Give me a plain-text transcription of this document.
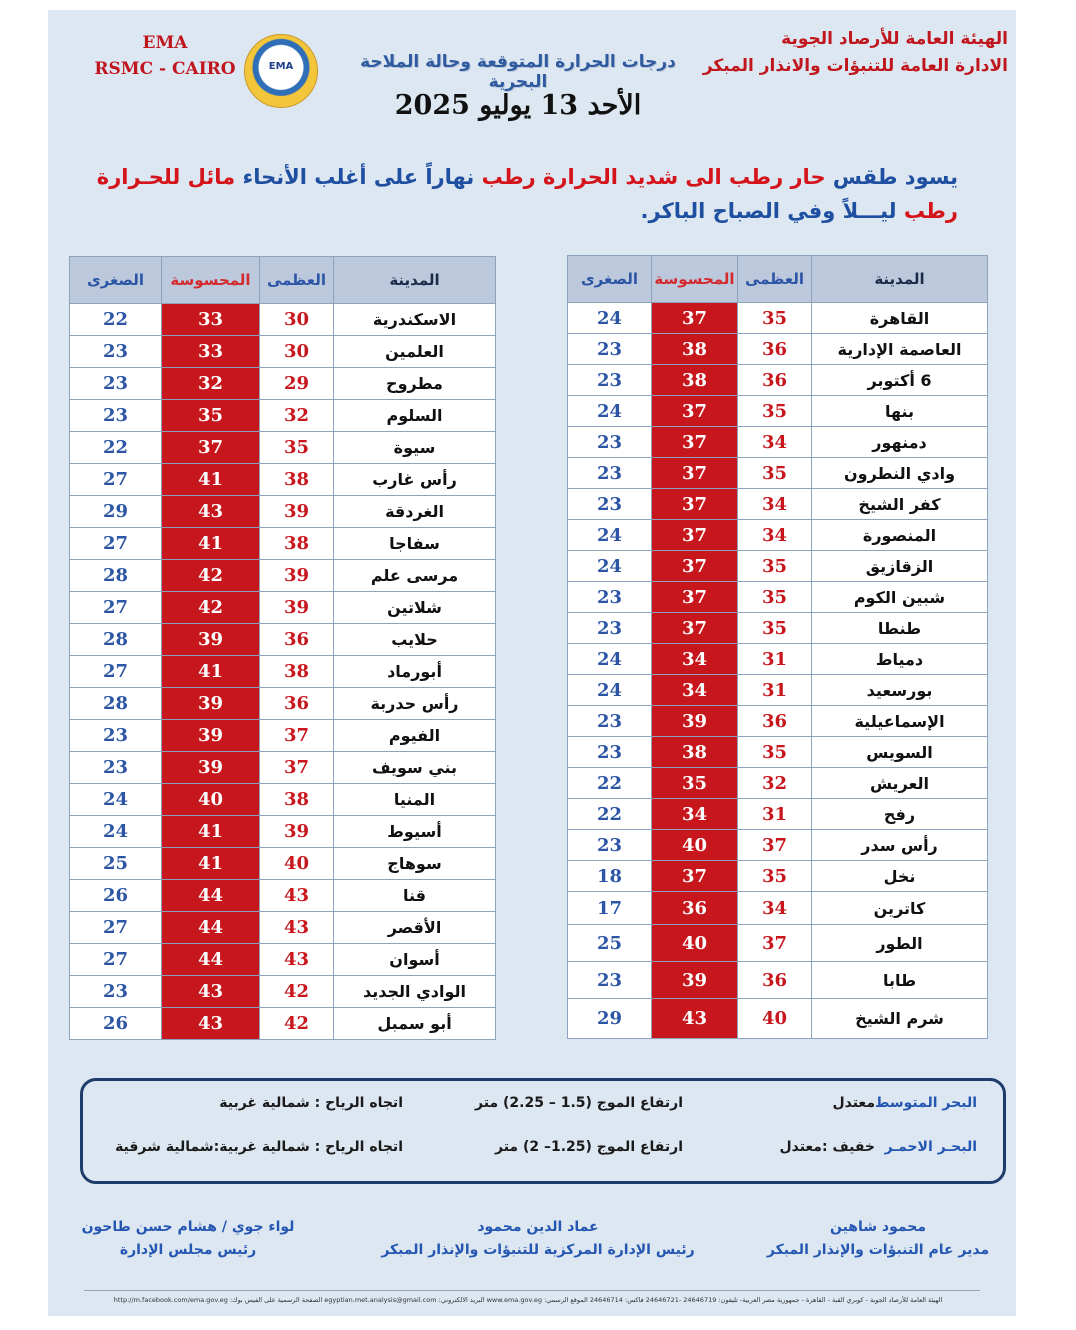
الهيئة العامة للأرصاد الجوية
الادارة العامة للتنبؤات والانذار المبكر
EMA
RSMC - CAIRO	EMA	درجات الحرارة المتوقعة وحالة الملاحة البحرية
الأحد 13 يوليو 2025
يسود طقس حار رطب الى شديد الحرارة رطب نهاراً على أغلب الأنحاء مائل للحـرارة رطب ليـــلاً وفي الصباح الباكر.
المدينة	العظمى	المحسوسة	الصغرى
القاهرة	35	37	24
العاصمة الإدارية	36	38	23
6 أكتوبر	36	38	23
بنها	35	37	24
دمنهور	34	37	23
وادي النطرون	35	37	23
كفر الشيخ	34	37	23
المنصورة	34	37	24
الزقازيق	35	37	24
شبين الكوم	35	37	23
طنطا	35	37	23
دمياط	31	34	24
بورسعيد	31	34	24
الإسماعيلية	36	39	23
السويس	35	38	23
العريش	32	35	22
رفح	31	34	22
رأس سدر	37	40	23
نخل	35	37	18
كاترين	34	36	17
الطور	37	40	25
طابا	36	39	23
شرم الشيخ	40	43	29
المدينة	العظمى	المحسوسة	الصغرى
الاسكندرية	30	33	22
العلمين	30	33	23
مطروح	29	32	23
السلوم	32	35	23
سيوة	35	37	22
رأس غارب	38	41	27
الغردقة	39	43	29
سفاجا	38	41	27
مرسى علم	39	42	28
شلاتين	39	42	27
حلايب	36	39	28
أبورماد	38	41	27
رأس حدربة	36	39	28
الفيوم	37	39	23
بني سويف	37	39	23
المنيا	38	40	24
أسيوط	39	41	24
سوهاج	40	41	25
قنا	43	44	26
الأقصر	43	44	27
أسوان	43	44	27
الوادي الجديد	42	43	23
أبو سمبل	42	43	26
البحر المتوسط
معتدل
ارتفاع الموج (1.5 – 2.25) متر
اتجاه الرياح : شمالية غربية
البحـر الاحمـر
خفيف :معتدل
ارتفاع الموج (1.25– 2) متر
اتجاه الرياح : شمالية غربية:شمالية شرقية
محمود شاهين
مدير عام التنبؤات والإنذار المبكر
عماد الدين محمود
رئيس الإدارة المركزية للتنبؤات والإنذار المبكر
لواء جوي / هشام حسن طاحون
رئيس مجلس الإدارة
الهيئة العامة للأرصاد الجوية - كوبري القبة - القاهرة - جمهورية مصر العربية- تليفون: 24646719 -24646721 فاكس: 24646714 الموقع الرسمي: www.ema.gov.eg البريد الالكتروني: egyptian.met.analysis@gmail.com الصفحة الرسمية على الفيس بوك: http://m.facebook.com/ema.gov.eg
